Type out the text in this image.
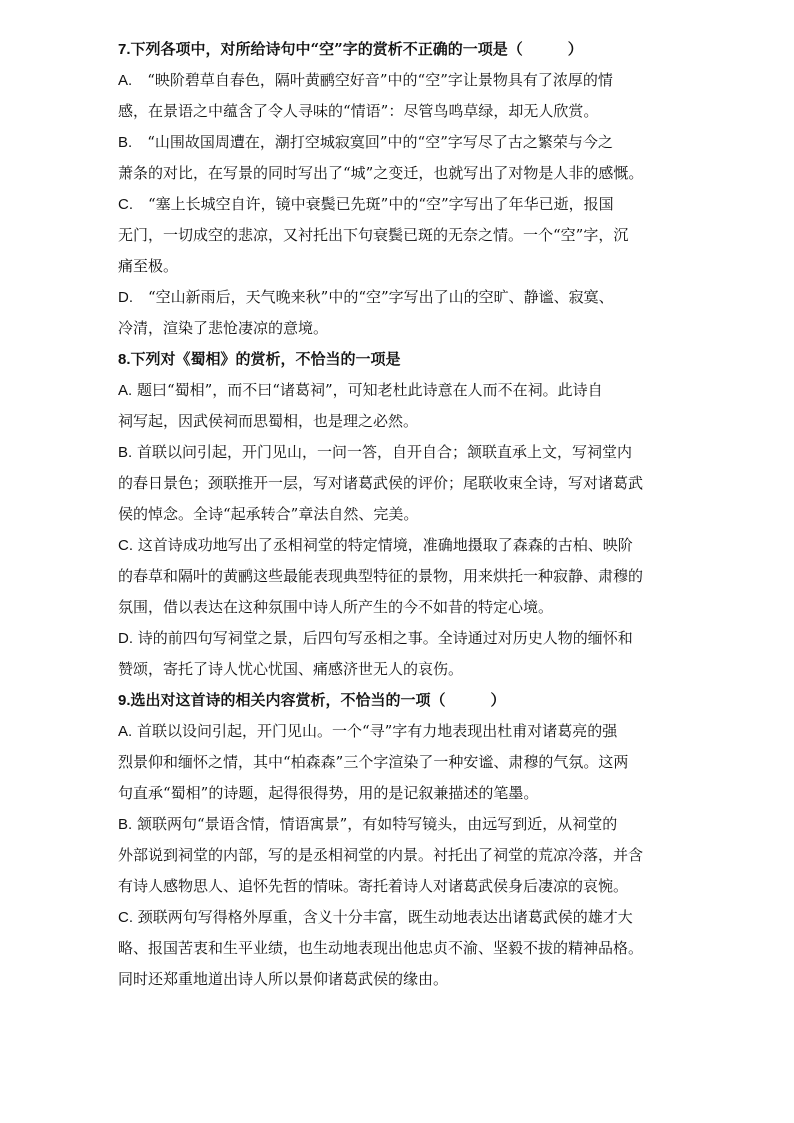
7.下列各项中，对所给诗句中“空”字的赏析不正确的一项是（　　　）
A.　“映阶碧草自春色，隔叶黄鹂空好音”中的“空”字让景物具有了浓厚的情
感，在景语之中蕴含了令人寻味的“情语”：尽管鸟鸣草绿，却无人欣赏。
B.　“山围故国周遭在，潮打空城寂寞回”中的“空”字写尽了古之繁荣与今之
萧条的对比，在写景的同时写出了“城”之变迁，也就写出了对物是人非的感慨。
C.　“塞上长城空自许，镜中衰鬓已先斑”中的“空”字写出了年华已逝，报国
无门，一切成空的悲凉，又衬托出下句衰鬓已斑的无奈之情。一个“空”字，沉
痛至极。
D.　“空山新雨后，天气晚来秋”中的“空”字写出了山的空旷、静谧、寂寞、
冷清，渲染了悲怆凄凉的意境。
8.下列对《蜀相》的赏析，不恰当的一项是
A. 题曰“蜀相”，而不曰“诸葛祠”，可知老杜此诗意在人而不在祠。此诗自
祠写起，因武侯祠而思蜀相，也是理之必然。
B. 首联以问引起，开门见山，一问一答，自开自合；颔联直承上文，写祠堂内
的春日景色；颈联推开一层，写对诸葛武侯的评价；尾联收束全诗，写对诸葛武
侯的悼念。全诗“起承转合”章法自然、完美。
C. 这首诗成功地写出了丞相祠堂的特定情境，准确地摄取了森森的古柏、映阶
的春草和隔叶的黄鹂这些最能表现典型特征的景物，用来烘托一种寂静、肃穆的
氛围，借以表达在这种氛围中诗人所产生的今不如昔的特定心境。
D. 诗的前四句写祠堂之景，后四句写丞相之事。全诗通过对历史人物的缅怀和
赞颂，寄托了诗人忧心忧国、痛感济世无人的哀伤。
9.选出对这首诗的相关内容赏析，不恰当的一项（　　　）
A. 首联以设问引起，开门见山。一个“寻”字有力地表现出杜甫对诸葛亮的强
烈景仰和缅怀之情，其中“柏森森”三个字渲染了一种安谧、肃穆的气氛。这两
句直承“蜀相”的诗题，起得很得势，用的是记叙兼描述的笔墨。
B. 颔联两句“景语含情，情语寓景”，有如特写镜头，由远写到近，从祠堂的
外部说到祠堂的内部，写的是丞相祠堂的内景。衬托出了祠堂的荒凉冷落，并含
有诗人感物思人、追怀先哲的情味。寄托着诗人对诸葛武侯身后凄凉的哀惋。
C. 颈联两句写得格外厚重，含义十分丰富，既生动地表达出诸葛武侯的雄才大
略、报国苦衷和生平业绩，也生动地表现出他忠贞不渝、坚毅不拔的精神品格。
同时还郑重地道出诗人所以景仰诸葛武侯的缘由。
